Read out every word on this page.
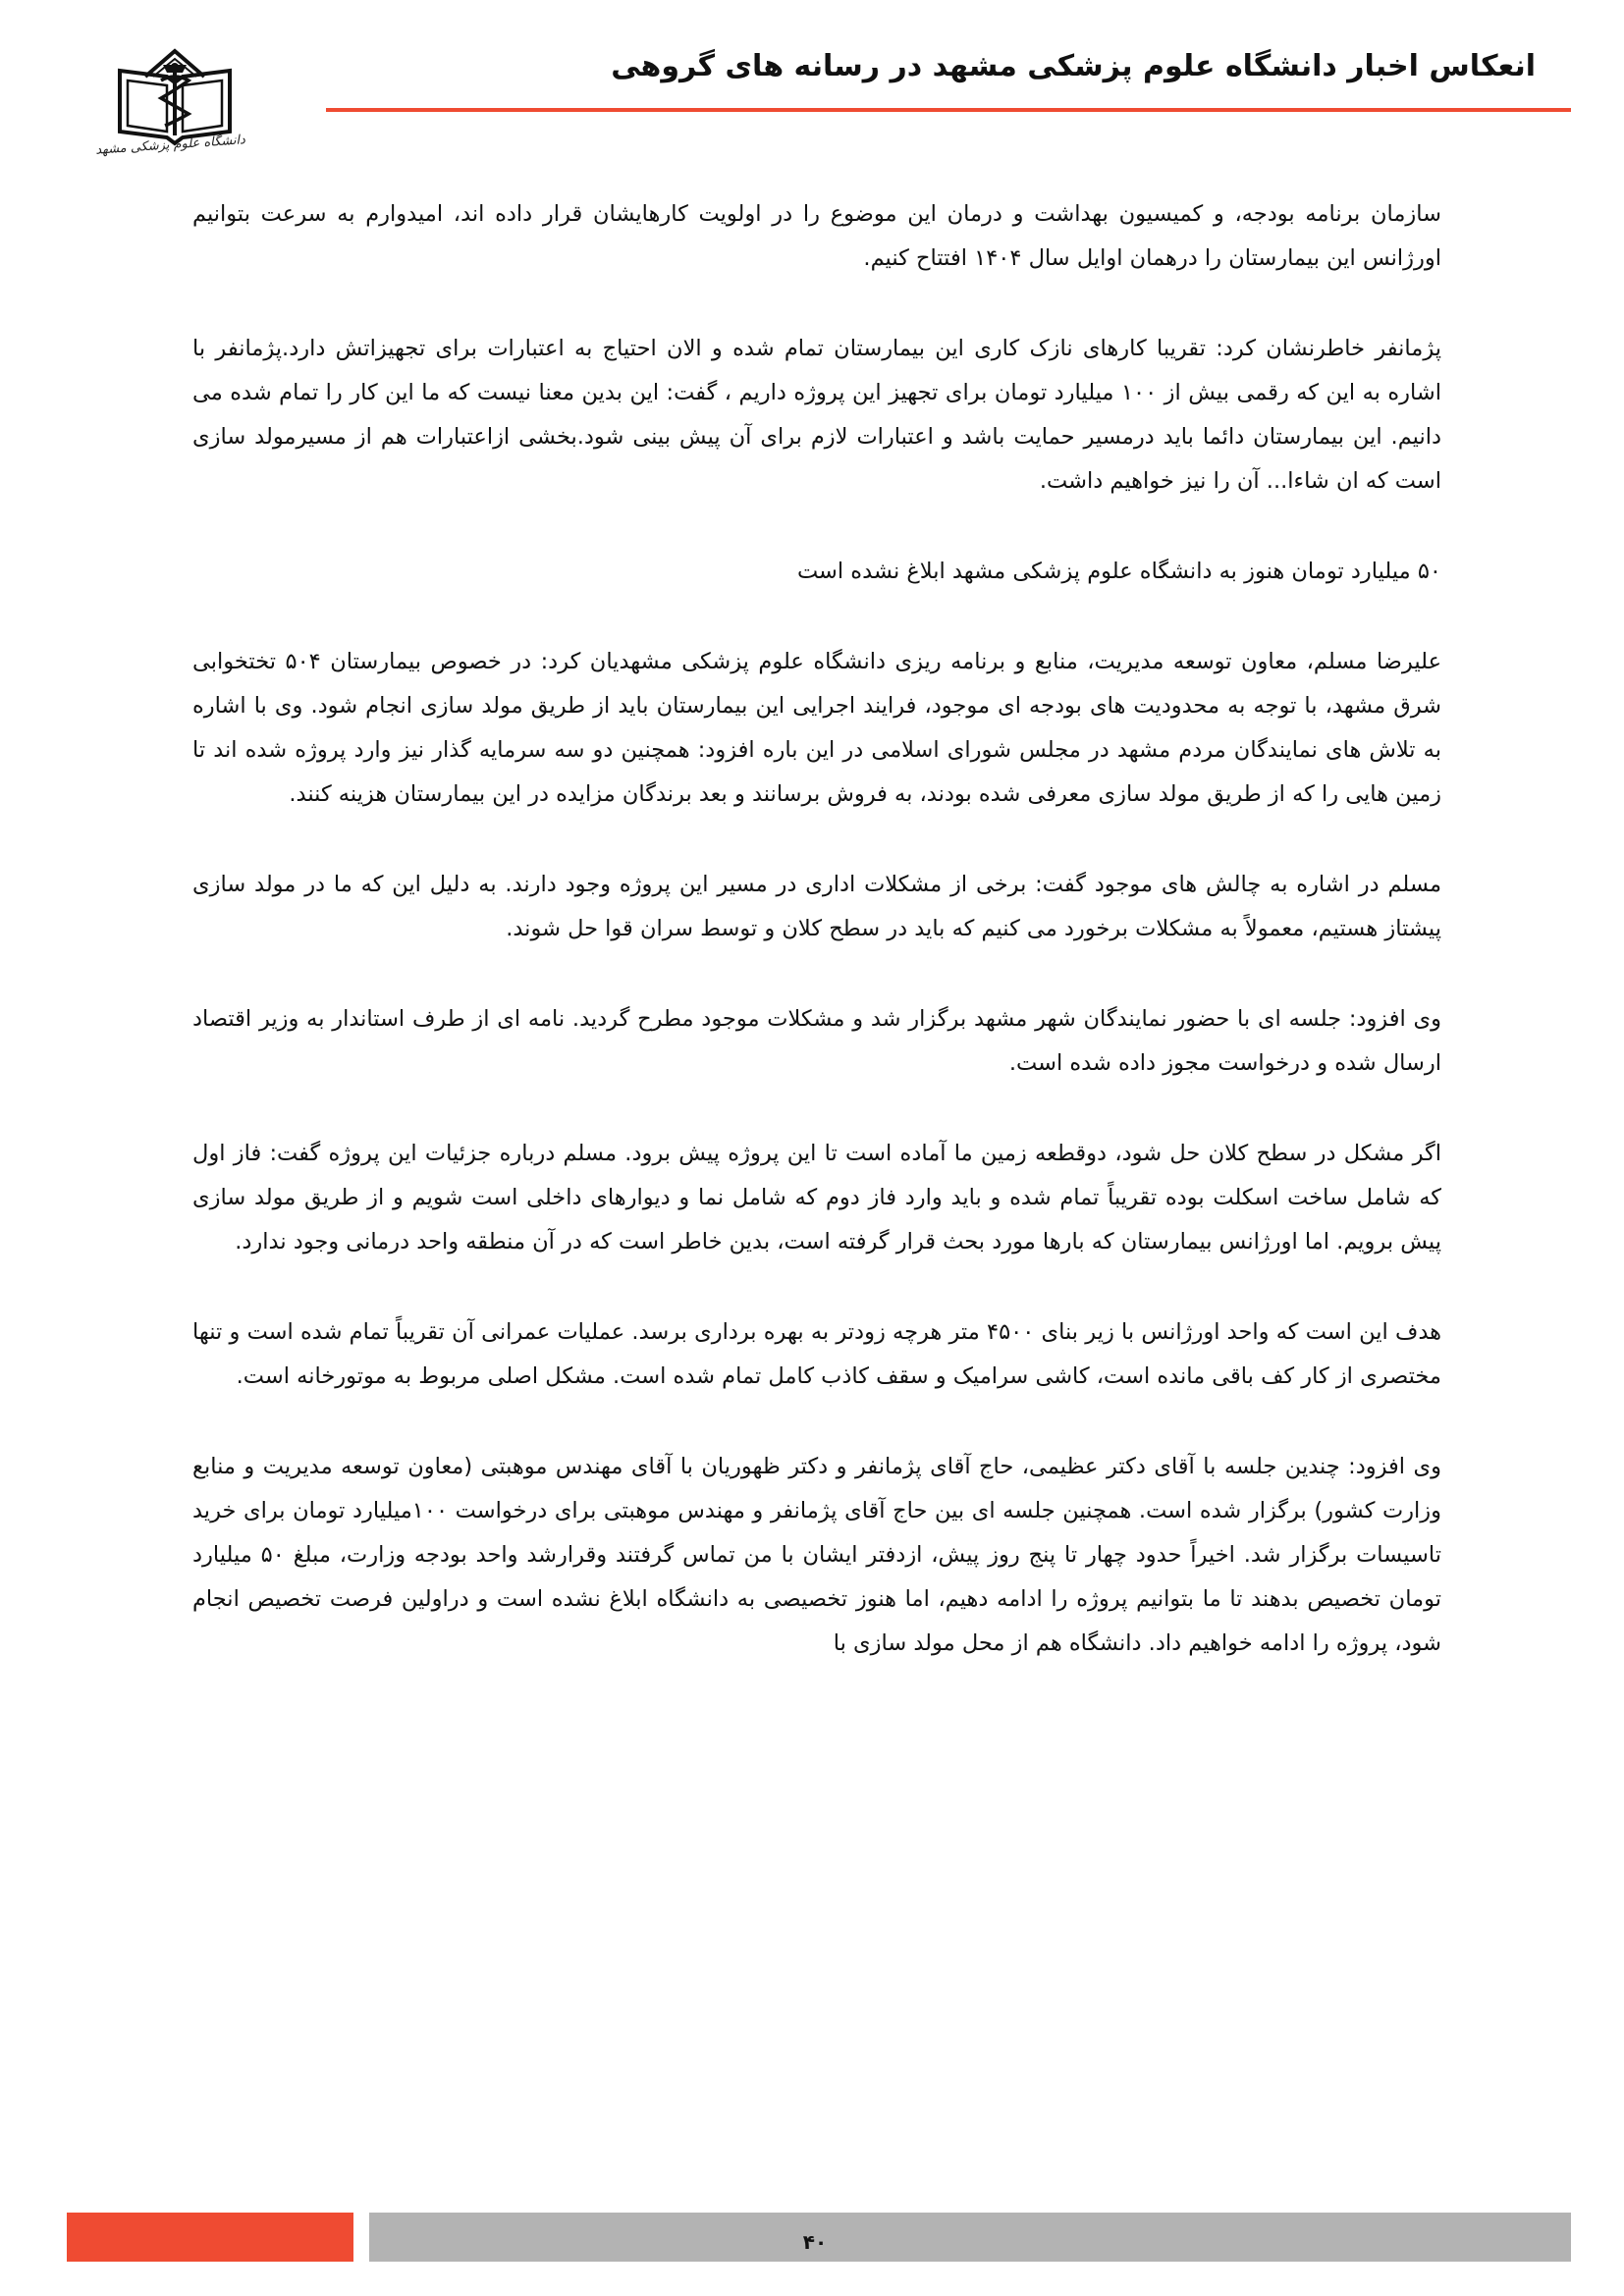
انعکاس اخبار دانشگاه علوم پزشکی مشهد در رسانه های گروهی
دانشگاه علوم پزشکی مشهد

سازمان برنامه بودجه، و کمیسیون بهداشت و درمان این موضوع را در اولویت کارهایشان قرار داده اند، امیدوارم به سرعت بتوانیم اورژانس این بیمارستان را درهمان اوایل سال ۱۴۰۴ افتتاح کنیم.

پژمانفر خاطرنشان کرد: تقریبا کارهای نازک کاری این بیمارستان تمام شده و الان احتیاج به اعتبارات برای تجهیزاتش دارد.پژمانفر با اشاره به این که رقمی بیش از ۱۰۰ میلیارد تومان برای تجهیز این پروژه داریم ، گفت: این بدین معنا نیست که ما این کار را تمام شده می دانیم. این بیمارستان دائما باید درمسیر حمایت باشد و اعتبارات لازم برای آن پیش بینی شود.بخشی ازاعتبارات هم از مسیرمولد سازی است که ان شاءا... آن را نیز خواهیم داشت.

۵۰ میلیارد تومان هنوز به دانشگاه علوم پزشکی مشهد ابلاغ نشده است

علیرضا مسلم، معاون توسعه مدیریت، منابع و برنامه ریزی دانشگاه علوم پزشکی مشهدیان کرد: در خصوص بیمارستان ۵۰۴ تختخوابی شرق مشهد، با توجه به محدودیت های بودجه ای موجود، فرایند اجرایی این بیمارستان باید از طریق مولد سازی انجام شود. وی با اشاره به تلاش های نمایندگان مردم مشهد در مجلس شورای اسلامی در این باره افزود: همچنین دو سه سرمایه گذار نیز وارد پروژه شده اند تا زمین هایی را که از طریق مولد سازی معرفی شده بودند، به فروش برسانند و بعد برندگان مزایده در این بیمارستان هزینه کنند.

مسلم در اشاره به چالش های موجود گفت: برخی از مشکلات اداری در مسیر این پروژه وجود دارند. به دلیل این که ما در مولد سازی پیشتاز هستیم، معمولاً به مشکلات برخورد می کنیم که باید در سطح کلان و توسط سران قوا حل شوند.

وی افزود: جلسه ای با حضور نمایندگان شهر مشهد برگزار شد و مشکلات موجود مطرح گردید. نامه ای از طرف استاندار به وزیر اقتصاد ارسال شده و درخواست مجوز داده شده است.

اگر مشکل در سطح کلان حل شود، دوقطعه زمین ما آماده است تا این پروژه پیش برود. مسلم درباره جزئیات این پروژه گفت: فاز اول که شامل ساخت اسکلت بوده تقریباً تمام شده و باید وارد فاز دوم که شامل نما و دیوارهای داخلی است شویم و از طریق مولد سازی پیش برویم. اما اورژانس بیمارستان که بارها مورد بحث قرار گرفته است، بدین خاطر است که در آن منطقه واحد درمانی وجود ندارد.

هدف این است که واحد اورژانس با زیر بنای ۴۵۰۰ متر هرچه زودتر به بهره برداری برسد. عملیات عمرانی آن تقریباً تمام شده است و تنها مختصری از کار کف باقی مانده است، کاشی سرامیک و سقف کاذب کامل تمام شده است. مشکل اصلی مربوط به موتورخانه است.

وی افزود: چندین جلسه با آقای دکتر عظیمی، حاج آقای پژمانفر و دکتر ظهوریان با آقای مهندس موهبتی (معاون توسعه مدیریت و منابع وزارت کشور) برگزار شده است. همچنین جلسه ای بین حاج آقای پژمانفر و مهندس موهبتی برای درخواست ۱۰۰میلیارد تومان برای خرید تاسیسات برگزار شد. اخیراً حدود چهار تا پنج روز پیش، ازدفتر ایشان با من تماس گرفتند وقرارشد واحد بودجه وزارت، مبلغ ۵۰ میلیارد تومان تخصیص بدهند تا ما بتوانیم پروژه را ادامه دهیم، اما هنوز تخصیصی به دانشگاه ابلاغ نشده است و دراولین فرصت تخصیص انجام شود، پروژه را ادامه خواهیم داد. دانشگاه هم از محل مولد سازی با

۴۰
